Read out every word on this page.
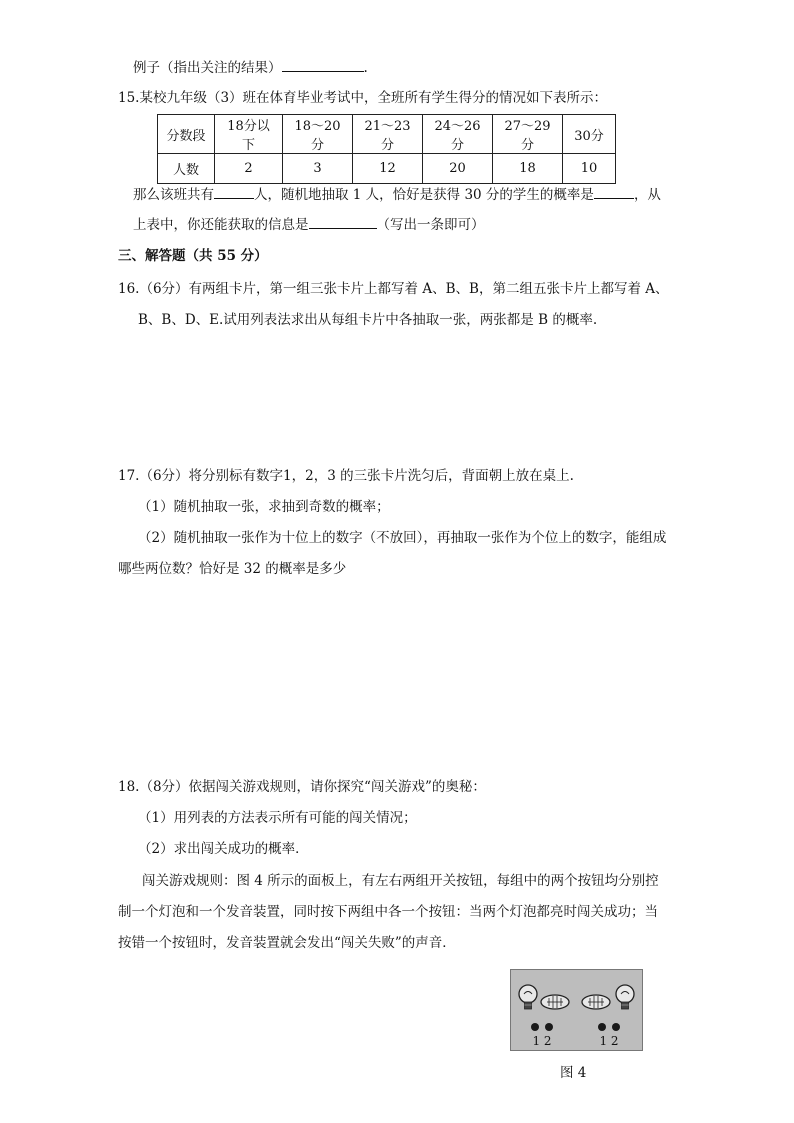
例子（指出关注的结果）	.
15.某校九年级（3）班在体育毕业考试中，全班所有学生得分的情况如下表所示：
分数段	18分以下	18～20分	21～23分	24～26分	27～29分	30分
人数	2	3	12	20	18	10
那么该班共有	人，随机地抽取 1 人，恰好是获得 30 分的学生的概率是	，从
上表中，你还能获取的信息是	（写出一条即可）
三、解答题（共 55 分）
16.（6分）有两组卡片，第一组三张卡片上都写着 A、B、B，第二组五张卡片上都写着 A、
B、B、D、E.试用列表法求出从每组卡片中各抽取一张，两张都是 B 的概率.
17.（6分）将分别标有数字1，2，3 的三张卡片洗匀后，背面朝上放在桌上.
（1）随机抽取一张，求抽到奇数的概率；
（2）随机抽取一张作为十位上的数字（不放回），再抽取一张作为个位上的数字，能组成
哪些两位数？恰好是 32 的概率是多少
18.（8分）依据闯关游戏规则，请你探究“闯关游戏”的奥秘：
（1）用列表的方法表示所有可能的闯关情况；
（2）求出闯关成功的概率．
闯关游戏规则：图 4 所示的面板上，有左右两组开关按钮，每组中的两个按钮均分别控
制一个灯泡和一个发音装置，同时按下两组中各一个按钮：当两个灯泡都亮时闯关成功；当
按错一个按钮时，发音装置就会发出“闯关失败”的声音．
1 2	1 2
图 4
